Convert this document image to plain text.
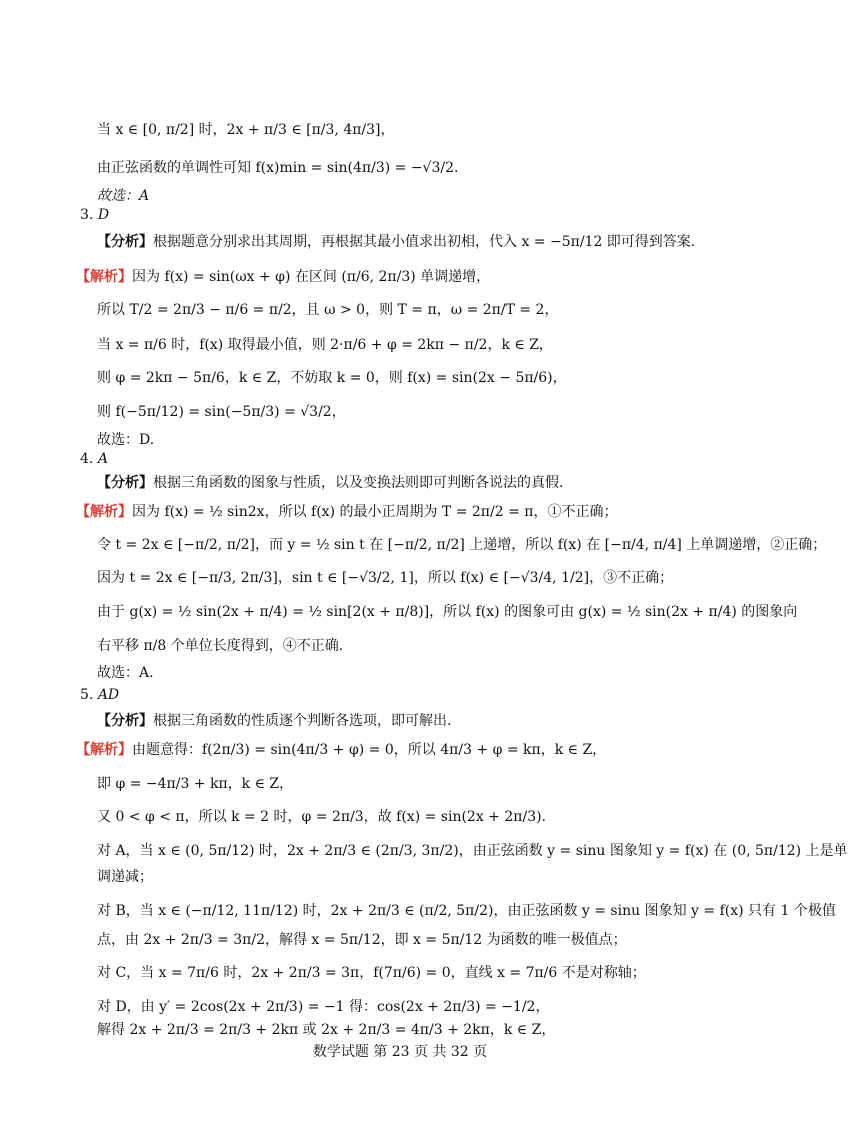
当 x ∈ [0, π/2] 时，2x + π/3 ∈ [π/3, 4π/3]，
由正弦函数的单调性可知 f(x)min = sin(4π/3) = −√3/2.
故选：A
3. D
【分析】根据题意分别求出其周期，再根据其最小值求出初相，代入 x = −5π/12 即可得到答案.
【解析】因为 f(x) = sin(ωx + φ) 在区间 (π/6, 2π/3) 单调递增，
所以 T/2 = 2π/3 − π/6 = π/2，且 ω > 0，则 T = π，ω = 2π/T = 2，
当 x = π/6 时，f(x) 取得最小值，则 2·π/6 + φ = 2kπ − π/2，k ∈ Z，
则 φ = 2kπ − 5π/6，k ∈ Z，不妨取 k = 0，则 f(x) = sin(2x − 5π/6)，
则 f(−5π/12) = sin(−5π/3) = √3/2，
故选：D.
4. A
【分析】根据三角函数的图象与性质，以及变换法则即可判断各说法的真假.
【解析】因为 f(x) = ½ sin2x，所以 f(x) 的最小正周期为 T = 2π/2 = π，①不正确；
令 t = 2x ∈ [−π/2, π/2]，而 y = ½ sin t 在 [−π/2, π/2] 上递增，所以 f(x) 在 [−π/4, π/4] 上单调递增，②正确；
因为 t = 2x ∈ [−π/3, 2π/3]，sin t ∈ [−√3/2, 1]，所以 f(x) ∈ [−√3/4, 1/2]，③不正确；
由于 g(x) = ½ sin(2x + π/4) = ½ sin[2(x + π/8)]，所以 f(x) 的图象可由 g(x) = ½ sin(2x + π/4) 的图象向
右平移 π/8 个单位长度得到，④不正确.
故选：A.
5. AD
【分析】根据三角函数的性质逐个判断各选项，即可解出.
【解析】由题意得：f(2π/3) = sin(4π/3 + φ) = 0，所以 4π/3 + φ = kπ，k ∈ Z，
即 φ = −4π/3 + kπ，k ∈ Z，
又 0 < φ < π，所以 k = 2 时，φ = 2π/3，故 f(x) = sin(2x + 2π/3).
对 A，当 x ∈ (0, 5π/12) 时，2x + 2π/3 ∈ (2π/3, 3π/2)，由正弦函数 y = sinu 图象知 y = f(x) 在 (0, 5π/12) 上是单
调递减；
对 B，当 x ∈ (−π/12, 11π/12) 时，2x + 2π/3 ∈ (π/2, 5π/2)，由正弦函数 y = sinu 图象知 y = f(x) 只有 1 个极值
点，由 2x + 2π/3 = 3π/2，解得 x = 5π/12，即 x = 5π/12 为函数的唯一极值点；
对 C，当 x = 7π/6 时，2x + 2π/3 = 3π，f(7π/6) = 0，直线 x = 7π/6 不是对称轴；
对 D，由 y′ = 2cos(2x + 2π/3) = −1 得：cos(2x + 2π/3) = −1/2，
解得 2x + 2π/3 = 2π/3 + 2kπ 或 2x + 2π/3 = 4π/3 + 2kπ，k ∈ Z，
数学试题 第 23 页 共 32 页
